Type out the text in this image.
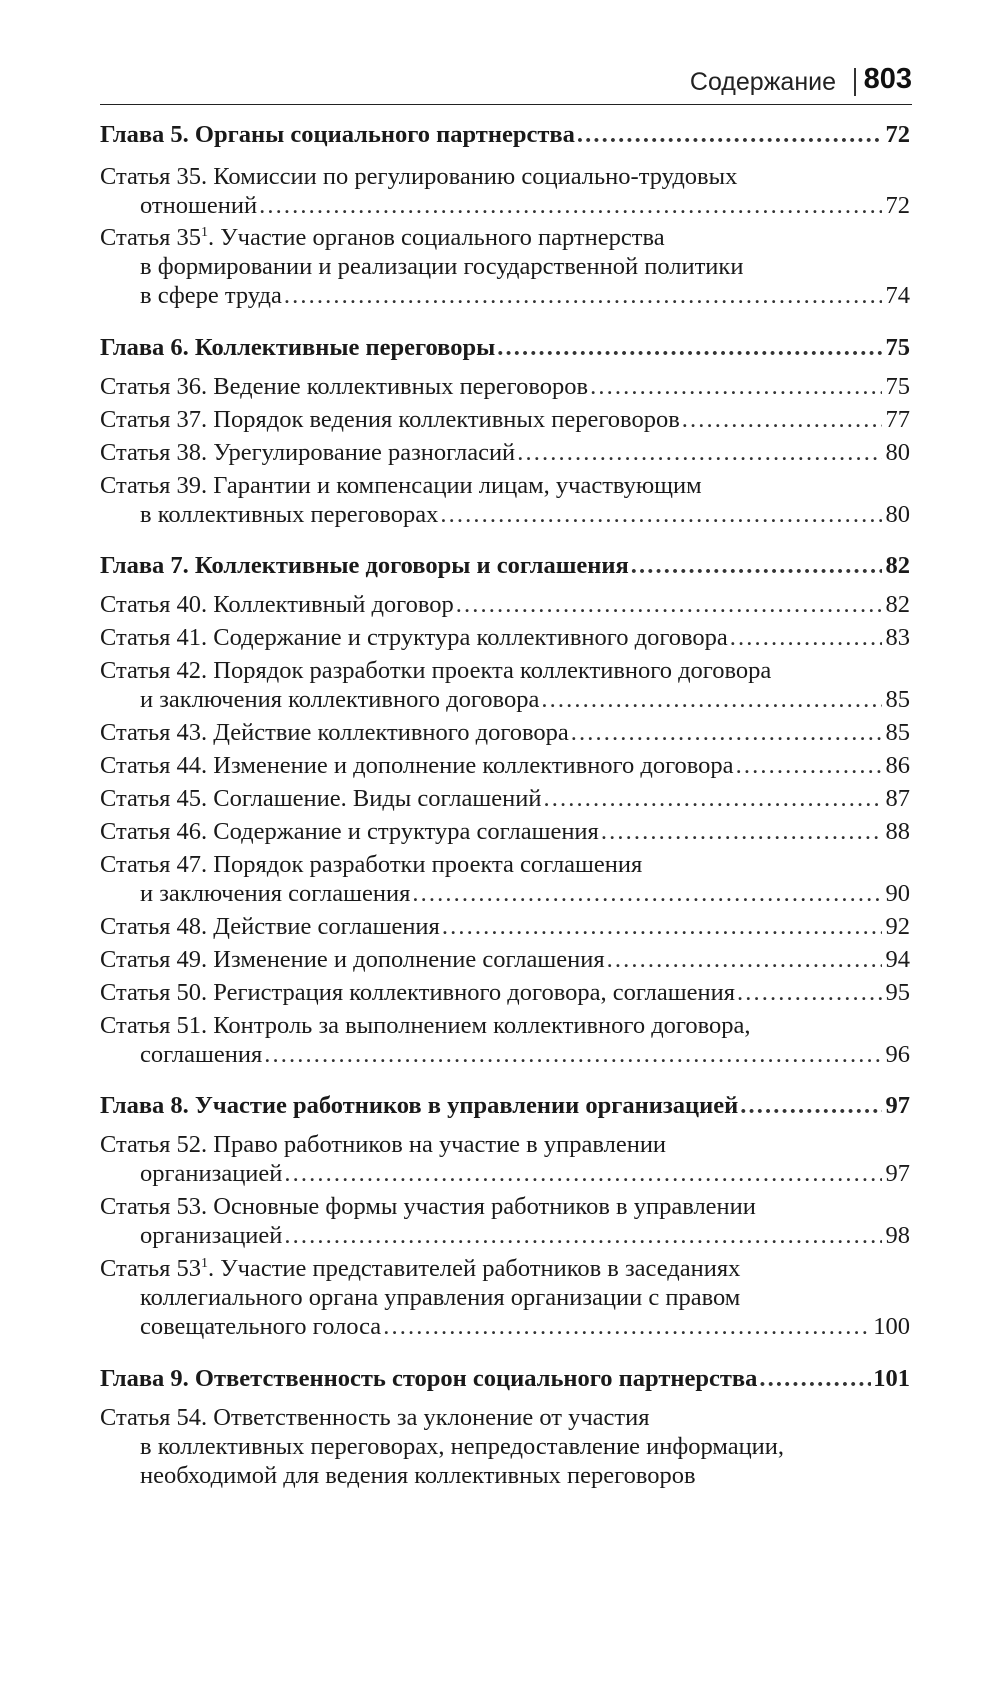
Содержание 803
Глава 5. Органы социального партнерства . . .	72
Статья 35. Комиссии по регулированию социально-трудовых
отношений . . .	72
Статья $35^1$. Участие органов социального партнерства
в формировании и реализации государственной политики
в сфере труда . . .	74
Глава 6. Коллективные переговоры . . .	75
Статья 36. Ведение коллективных переговоров . . .	75
Статья 37. Порядок ведения коллективных переговоров . . .	77
Статья 38. Урегулирование разногласий . . .	80
Статья 39. Гарантии и компенсации лицам, участвующим
в коллективных переговорах . . .	80
Глава 7. Коллективные договоры и соглашения . . .	82
Статья 40. Коллективный договор . . .	82
Статья 41. Содержание и структура коллективного договора . . .	83
Статья 42. Порядок разработки проекта коллективного договора
и заключения коллективного договора . . .	85
Статья 43. Действие коллективного договора . . .	85
Статья 44. Изменение и дополнение коллективного договора . . .	86
Статья 45. Соглашение. Виды соглашений . . .	87
Статья 46. Содержание и структура соглашения . . .	88
Статья 47. Порядок разработки проекта соглашения
и заключения соглашения . . .	90
Статья 48. Действие соглашения . . .	92
Статья 49. Изменение и дополнение соглашения . . .	94
Статья 50. Регистрация коллективного договора, соглашения . . .	95
Статья 51. Контроль за выполнением коллективного договора,
соглашения . . .	96
Глава 8. Участие работников в управлении организацией . . .	97
Статья 52. Право работников на участие в управлении
организацией . . .	97
Статья 53. Основные формы участия работников в управлении
организацией . . .	98
Статья $53^1$. Участие представителей работников в заседаниях
коллегиального органа управления организации с правом
совещательного голоса . . .	100
Глава 9. Ответственность сторон социального партнерства . . .	101
Статья 54. Ответственность за уклонение от участия
в коллективных переговорах, непредоставление информации,
необходимой для ведения коллективных переговоров
